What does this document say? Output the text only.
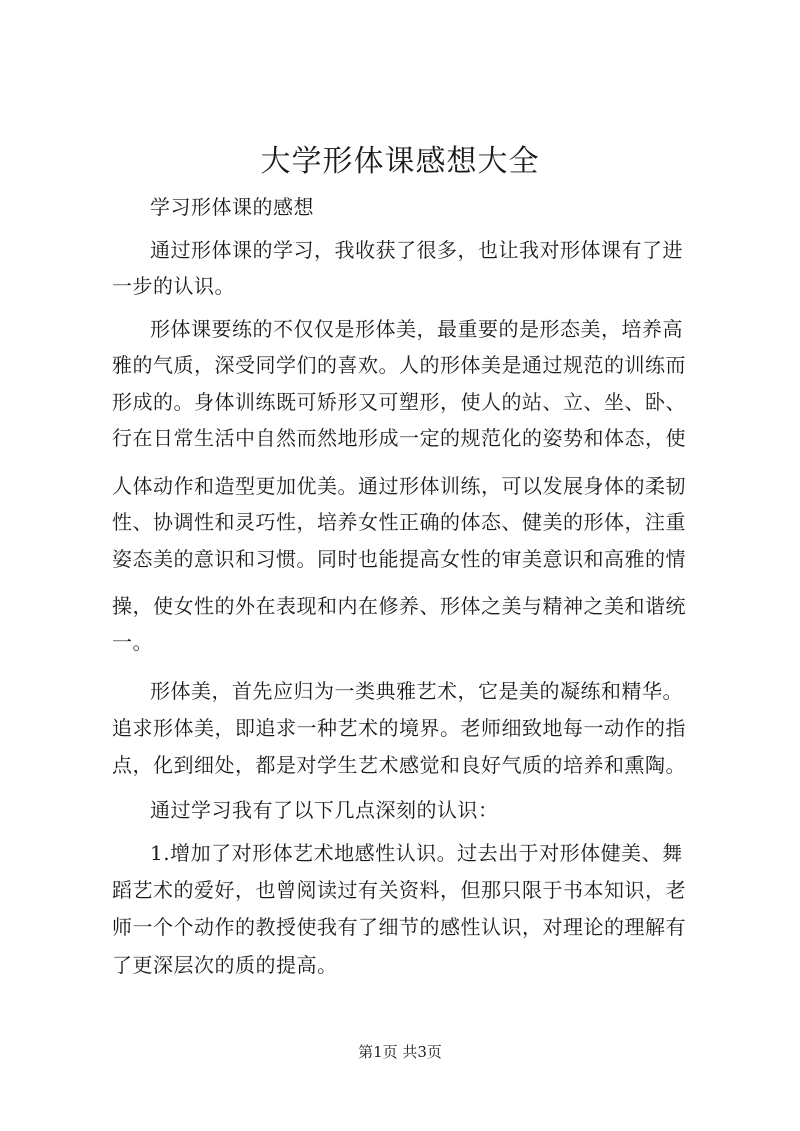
大学形体课感想大全
学习形体课的感想
通过形体课的学习，我收获了很多，也让我对形体课有了进
一步的认识。
形体课要练的不仅仅是形体美，最重要的是形态美，培养高
雅的气质，深受同学们的喜欢。人的形体美是通过规范的训练而
形成的。身体训练既可矫形又可塑形，使人的站、立、坐、卧、
行在日常生活中自然而然地形成一定的规范化的姿势和体态，使
人体动作和造型更加优美。通过形体训练，可以发展身体的柔韧
性、协调性和灵巧性，培养女性正确的体态、健美的形体，注重
姿态美的意识和习惯。同时也能提高女性的审美意识和高雅的情
操，使女性的外在表现和内在修养、形体之美与精神之美和谐统
一。
形体美，首先应归为一类典雅艺术，它是美的凝练和精华。
追求形体美，即追求一种艺术的境界。老师细致地每一动作的指
点，化到细处，都是对学生艺术感觉和良好气质的培养和熏陶。
通过学习我有了以下几点深刻的认识：
1.增加了对形体艺术地感性认识。过去出于对形体健美、舞
蹈艺术的爱好，也曾阅读过有关资料，但那只限于书本知识，老
师一个个动作的教授使我有了细节的感性认识，对理论的理解有
了更深层次的质的提高。
第1页 共3页
